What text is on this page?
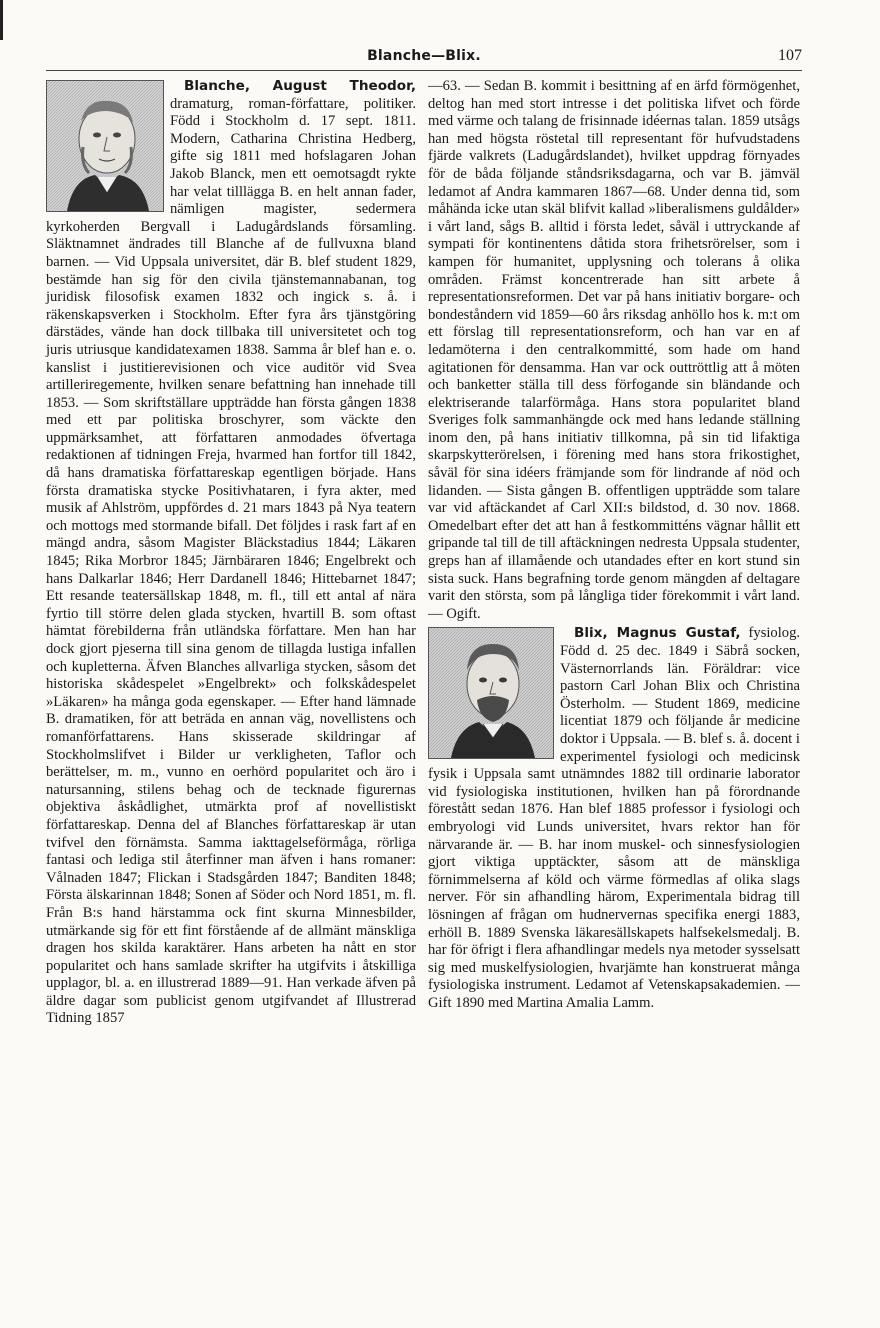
Blanche—Blix.	107

Blanche, August Theodor,
dramaturg, roman-författare, politiker. Född i Stockholm d. 17 sept. 1811. Modern, Catharina Christina Hedberg, gifte sig 1811 med hofslagaren Johan Jakob Blanck, men ett oemotsagdt rykte har velat tilllägga B. en helt annan fader, nämligen magister, sedermera kyrkoherden Bergvall i Ladugårdslands församling. Släktnamnet ändrades till Blanche af de fullvuxna bland barnen. — Vid Uppsala universitet, där B. blef student 1829, bestämde han sig för den civila tjänstemannabanan, tog juridisk filosofisk examen 1832 och ingick s. å. i räkenskapsverken i Stockholm. Efter fyra års tjänstgöring därstädes, vände han dock tillbaka till universitetet och tog juris utriusque kandidatexamen 1838. Samma år blef han e. o. kanslist i justitierevisionen och vice auditör vid Svea artilleriregemente, hvilken senare befattning han innehade till 1853. — Som skriftställare uppträdde han första gången 1838 med ett par politiska broschyrer, som väckte den uppmärksamhet, att författaren anmodades öfvertaga redaktionen af tidningen Freja, hvarmed han fortfor till 1842, då hans dramatiska författareskap egentligen började. Hans första dramatiska stycke Positivhataren, i fyra akter, med musik af Ahlström, uppfördes d. 21 mars 1843 på Nya teatern och mottogs med stormande bifall. Det följdes i rask fart af en mängd andra, såsom Magister Bläckstadius 1844; Läkaren 1845; Rika Morbror 1845; Järnbäraren 1846; Engelbrekt och hans Dalkarlar 1846; Herr Dardanell 1846; Hittebarnet 1847; Ett resande teatersällskap 1848, m. fl., till ett antal af nära fyrtio till större delen glada stycken, hvartill B. som oftast hämtat förebilderna från utländska författare. Men han har dock gjort pjeserna till sina genom de tillagda lustiga infallen och kupletterna. Äfven Blanches allvarliga stycken, såsom det historiska skådespelet »Engelbrekt» och folkskådespelet »Läkaren» ha många goda egenskaper. — Efter hand lämnade B. dramatiken, för att beträda en annan väg, novellistens och romanförfattarens. Hans skisserade skildringar af Stockholmslifvet i Bilder ur verkligheten, Taflor och berättelser, m. m., vunno en oerhörd popularitet och äro i natursanning, stilens behag och de tecknade figurernas objektiva åskådlighet, utmärkta prof af novellistiskt författareskap. Denna del af Blanches författareskap är utan tvifvel den förnämsta. Samma iakttagelseförmåga, rörliga fantasi och lediga stil återfinner man äfven i hans romaner: Vålnaden 1847; Flickan i Stadsgården 1847; Banditen 1848; Första älskarinnan 1848; Sonen af Söder och Nord 1851, m. fl. Från B:s hand härstamma ock fint skurna Minnesbilder, utmärkande sig för ett fint förstående af de allmänt mänskliga dragen hos skilda karaktärer. Hans arbeten ha nått en stor popularitet och hans samlade skrifter ha utgifvits i åtskilliga upplagor, bl. a. en illustrerad 1889—91. Han verkade äfven på äldre dagar som publicist genom utgifvandet af Illustrerad Tidning 1857

—63. — Sedan B. kommit i besittning af en ärfd förmögenhet, deltog han med stort intresse i det politiska lifvet och förde med värme och talang de frisinnade idéernas talan. 1859 utsågs han med högsta röstetal till representant för hufvudstadens fjärde valkrets (Ladugårdslandet), hvilket uppdrag förnyades för de båda följande ståndsriksdagarna, och var B. jämväl ledamot af Andra kammaren 1867—68. Under denna tid, som måhända icke utan skäl blifvit kallad »liberalismens guldålder» i vårt land, sågs B. alltid i första ledet, såväl i uttryckande af sympati för kontinentens dåtida stora frihetsrörelser, som i kampen för humanitet, upplysning och tolerans å olika områden. Främst koncentrerade han sitt arbete å representationsreformen. Det var på hans initiativ borgare- och bondeståndern vid 1859—60 års riksdag anhöllo hos k. m:t om ett förslag till representationsreform, och han var en af ledamöterna i den centralkommitté, som hade om hand agitationen för densamma. Han var ock outtröttlig att å möten och banketter ställa till dess förfogande sin bländande och elektriserande talarförmåga. Hans stora popularitet bland Sveriges folk sammanhängde ock med hans ledande ställning inom den, på hans initiativ tillkomna, på sin tid lifaktiga skarpskytterörelsen, i förening med hans stora frikostighet, såväl för sina idéers främjande som för lindrande af nöd och lidanden. — Sista gången B. offentligen uppträdde som talare var vid aftäckandet af Carl XII:s bildstod, d. 30 nov. 1868. Omedelbart efter det att han å festkommitténs vägnar hållit ett gripande tal till de till aftäckningen nedresta Uppsala studenter, greps han af illamående och utandades efter en kort stund sin sista suck. Hans begrafning torde genom mängden af deltagare varit den största, som på långliga tider förekommit i vårt land. — Ogift.

Blix, Magnus Gustaf, fysiolog. Född d. 25 dec. 1849 i Säbrå socken, Västernorrlands län. Föräldrar: vice pastorn Carl Johan Blix och Christina Österholm. — Student 1869, medicine licentiat 1879 och följande år medicine doktor i Uppsala. — B. blef s. å. docent i experimentel fysiologi och medicinsk fysik i Uppsala samt utnämndes 1882 till ordinarie laborator vid fysiologiska institutionen, hvilken han på förordnande förestått sedan 1876. Han blef 1885 professor i fysiologi och embryologi vid Lunds universitet, hvars rektor han för närvarande är. — B. har inom muskel- och sinnesfysiologien gjort viktiga upptäckter, såsom att de mänskliga förnimmelserna af köld och värme förmedlas af olika slags nerver. För sin afhandling härom, Experimentala bidrag till lösningen af frågan om hudnervernas specifika energi 1883, erhöll B. 1889 Svenska läkaresällskapets halfsekelsmedalj. B. har för öfrigt i flera afhandlingar medels nya metoder sysselsatt sig med muskelfysiologien, hvarjämte han konstruerat många fysiologiska instrument. Ledamot af Vetenskapsakademien. — Gift 1890 med Martina Amalia Lamm.
